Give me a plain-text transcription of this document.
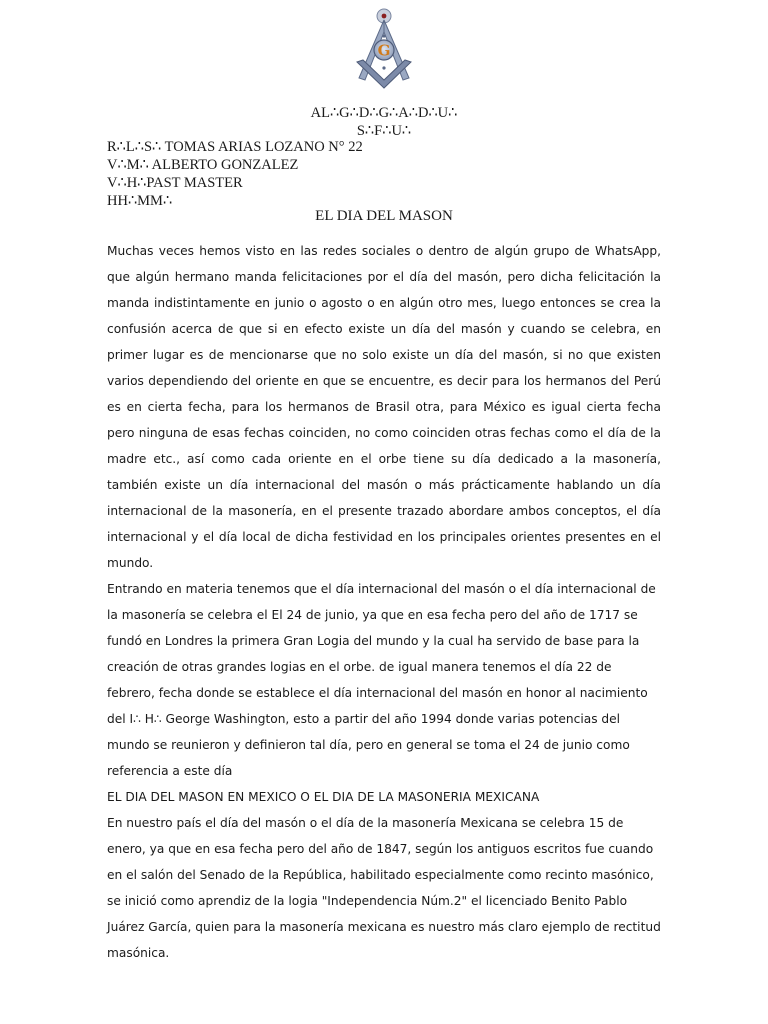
G
AL∴G∴D∴G∴A∴D∴U∴
S∴F∴U∴
R∴L∴S∴ TOMAS ARIAS LOZANO N° 22
V∴M∴ ALBERTO GONZALEZ
V∴H∴PAST MASTER
HH∴MM∴
EL DIA DEL MASON

Muchas veces hemos visto en las redes sociales o dentro de algún grupo de WhatsApp, que algún hermano manda felicitaciones por el día del masón, pero dicha felicitación la manda indistintamente en junio o agosto o en algún otro mes, luego entonces se crea la confusión acerca de que si en efecto existe un día del masón y cuando se celebra, en primer lugar es de mencionarse que no solo existe un día del masón, si no que existen varios dependiendo del oriente en que se encuentre, es decir para los hermanos del Perú es en cierta fecha, para los hermanos de Brasil otra, para México es igual cierta fecha pero ninguna de esas fechas coinciden, no como coinciden otras fechas como el día de la madre etc., así como cada oriente en el orbe tiene su día dedicado a la masonería, también existe un día internacional del masón o más prácticamente hablando un día internacional de la masonería, en el presente trazado abordare ambos conceptos, el día internacional y el día local de dicha festividad en los principales orientes presentes en el mundo.

Entrando en materia tenemos que el día internacional del masón o el día internacional de la masonería se celebra el El 24 de junio, ya que en esa fecha pero del año de 1717 se fundó en Londres la primera Gran Logia del mundo y la cual ha servido de base para la creación de otras grandes logias en el orbe. de igual manera tenemos el día 22 de febrero, fecha donde se establece el día internacional del masón en honor al nacimiento del I∴ H∴ George Washington, esto a partir del año 1994 donde varias potencias del mundo se reunieron y definieron tal día, pero en general se toma el 24 de junio como referencia a este día

EL DIA DEL MASON EN MEXICO O EL DIA DE LA MASONERIA MEXICANA

En nuestro país el día del masón o el día de la masonería Mexicana se celebra 15 de enero, ya que en esa fecha pero del año de 1847, según los antiguos escritos fue cuando en el salón del Senado de la República, habilitado especialmente como recinto masónico, se inició como aprendiz de la logia "Independencia Núm.2" el licenciado Benito Pablo Juárez García, quien para la masonería mexicana es nuestro más claro ejemplo de rectitud masónica.
